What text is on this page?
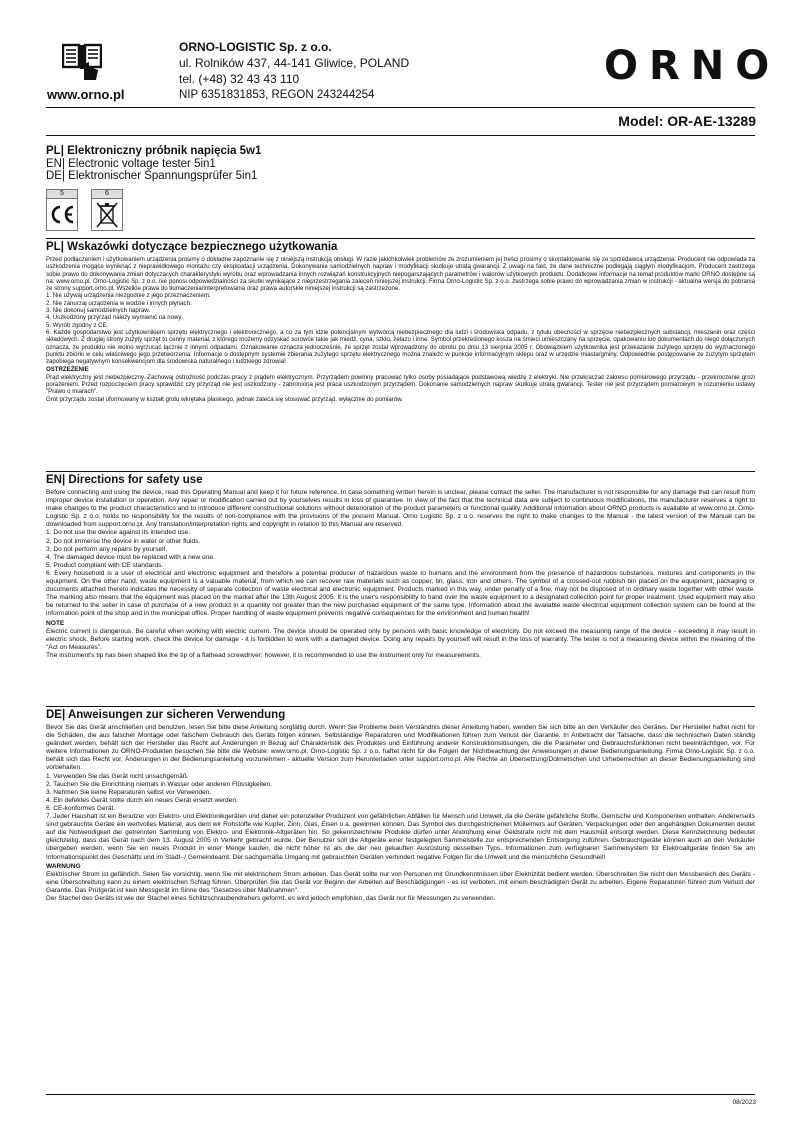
www.orno.pl
ORNO-LOGISTIC Sp. z o.o.
ul. Rolników 437, 44-141 Gliwice, POLAND
tel. (+48) 32 43 43 110
NIP 6351831853, REGON 243244254
ORNO
Model: OR-AE-13289
PL| Elektroniczny próbnik napięcia 5w1
EN| Electronic voltage tester 5in1
DE| Elektronischer Spannungsprüfer 5in1
5	6
PL| Wskazówki dotyczące bezpiecznego użytkowania

Przed podłączeniem i użytkowaniem urządzenia prosimy o dokładne zapoznanie się z niniejszą instrukcją obsługi. W razie jakichkolwiek problemów ze zrozumieniem jej treści prosimy o skontaktowanie się ze sprzedawcą urządzenia. Producent nie odpowiada za uszkodzenia mogące wyniknąć z nieprawidłowego montażu czy eksploatacji urządzenia. Dokonywanie samodzielnych napraw i modyfikacji skutkuje utratą gwarancji. Z uwagi na fakt, że dane techniczne podlegają ciągłym modyfikacjom, Producent zastrzega sobie prawo do dokonywania zmian dotyczących charakterystyki wyrobu oraz wprowadzania innych rozwiązań konstrukcyjnych niepogarszających parametrów i walorów użytkowych produktu. Dodatkowe informacje na temat produktów marki ORNO dostępne są na: www.orno.pl. Orno-Logistic Sp. z o.o. nie ponosi odpowiedzialności za skutki wynikające z nieprzestrzegania zaleceń niniejszej instrukcji. Firma Orno-Logistic Sp. z o.o. zastrzega sobie prawo do wprowadzania zmian w instrukcji - aktualna wersja do pobrania ze strony support.orno.pl. Wszelkie prawa do tłumaczenia/interpretowania oraz prawa autorskie niniejszej instrukcji są zastrzeżone.

1. Nie używaj urządzenia niezgodnie z jego przeznaczeniem.
2. Nie zanurzaj urządzenia w wodzie i innych płynach.
3. Nie dokonuj samodzielnych napraw.
4. Uszkodzony przyrząd należy wymienić na nowy.
5. Wyrób zgodny z CE.
6. Każde gospodarstwo jest użytkownikiem sprzętu elektrycznego i elektronicznego, a co za tym idzie potencjalnym wytwórcą niebezpiecznego dla ludzi i środowiska odpadu, z tytułu obecności w sprzęcie niebezpiecznych substancji, mieszanin oraz części składowych. Z drugiej strony zużyty sprzęt to cenny materiał, z którego możemy odzyskać surowce takie jak miedź, cyna, szkło, żelazo i inne. Symbol przekreślonego kosza na śmieci umieszczany na sprzęcie, opakowaniu lub dokumentach do niego dołączonych oznacza, że produktu nie wolno wyrzucać łącznie z innymi odpadami. Oznakowanie oznacza jednocześnie, że sprzęt został wprowadzony do obrotu po dniu 13 sierpnia 2005 r. Obowiązkiem użytkownika jest przekazanie zużytego sprzętu do wyznaczonego punktu zbiórki w celu właściwego jego przetworzenia. Informacje o dostępnym systemie zbierania zużytego sprzętu elektrycznego można znaleźć w punkcie informacyjnym sklepu oraz w urzędzie miasta/gminy. Odpowiednie postępowanie ze zużytym sprzętem zapobiega negatywnym konsekwencjom dla środowiska naturalnego i ludzkiego zdrowia!

OSTRZEŻENIE

Prąd elektryczny jest niebezpieczny. Zachowaj ostrożność podczas pracy z prądem elektrycznym. Przyrządem powinny pracować tylko osoby posiadające podstawową wiedzę z elektryki. Nie przekraczać zakresu pomiarowego przyrządu - przekroczenie grozi porażeniem. Przed rozpoczęciem pracy sprawdzić czy przyrząd nie jest uszkodzony - zabroniona jest praca uszkodzonym przyrządem. Dokonanie samodzielnych napraw skutkuje utratą gwarancji. Tester nie jest przyrządem pomiarowym w rozumieniu ustawy "Prawo o miarach".

Grot przyrządu został uformowany w kształt grotu wkrętaka płaskiego, jednak zaleca się stosować przyrząd, wyłącznie do pomiarów.

EN| Directions for safety use

Before connecting and using the device, read this Operating Manual and keep it for future reference. In case something written herein is unclear, please contact the seller. The manufacturer is not responsible for any damage that can result from improper device installation or operation. Any repair or modification carried out by yourselves results in loss of guarantee. In view of the fact that the technical data are subject to continuous modifications, the manufacturer reserves a right to make changes to the product characteristics and to introduce different constructional solutions without deterioration of the product parameters or functional quality. Additional information about ORNO products is available at www.orno.pl. Orno-Logistic Sp. z o.o. holds no responsibility for the results of non-compliance with the provisions of the present Manual. Orno Logistic Sp. z o.o. reserves the right to make changes to the Manual - the latest version of the Manual can be downloaded from support.orno.pl. Any translation/interpretation rights and copyright in relation to this Manual are reserved.

1. Do not use the device against its intended use.
2. Do not immerse the device in water or other fluids.
3. Do not perform any repairs by yourself.
4. The damaged device must be replaced with a new one.
5. Product compliant with CE standards.
6. Every household is a user of electrical and electronic equipment and therefore a potential producer of hazardous waste to humans and the environment from the presence of hazardous substances, mixtures and components in the equipment. On the other hand, waste equipment is a valuable material, from which we can recover raw materials such as copper, tin, glass, iron and others. The symbol of a crossed-out rubbish bin placed on the equipment, packaging or documents attached thereto indicates the necessity of separate collection of waste electrical and electronic equipment. Products marked in this way, under penalty of a fine, may not be disposed of in ordinary waste together with other waste. The marking also means that the equipment was placed on the market after the 13th August 2005. It is the user's responsibility to hand over the waste equipment to a designated collection point for proper treatment. Used equipment may also be returned to the seller in case of purchase of a new product in a quantity not greater than the new purchased equipment of the same type. Information about the available waste electrical equipment collection system can be found at the information point of the shop and in the municipal office. Proper handling of waste equipment prevents negative consequences for the environment and human health!

NOTE

Electric current is dangerous. Be careful when working with electric current. The device should be operated only by persons with basic knowledge of electricity. Do not exceed the measuring range of the device - exceeding it may result in electric shock. Before starting work, check the device for damage - it is forbidden to work with a damaged device. Doing any repairs by yourself will result in the loss of warranty. The tester is not a measuring device within the meaning of the "Act on Measures".

The instrument's tip has been shaped like the tip of a flathead screwdriver; however, it is recommended to use the instrument only for measurements.

DE| Anweisungen zur sicheren Verwendung

Bevor Sie das Gerät anschließen und benutzen, lesen Sie bitte diese Anleitung sorgfältig durch. Wenn Sie Probleme beim Verständnis dieser Anleitung haben, wenden Sie sich bitte an den Verkäufer des Gerätes. Der Hersteller haftet nicht für die Schäden, die aus falscher Montage oder falschem Gebrauch des Geräts folgen können. Selbständige Reparaturen und Modifikationen führen zum Verlust der Garantie. In Anbetracht der Tatsache, dass die technischen Daten ständig geändert werden, behält sich der Hersteller das Recht auf Änderungen in Bezug auf Charakteristik des Produktes und Einführung anderer Konstruktionslösungen, die die Parameter und Gebrauchsfunktionen nicht beeinträchtigen, vor. Für weitere Informationen zu ORNO-Produkten besuchen Sie bitte die Website: www.orno.pl. Orno-Logistic Sp. z o.o. haftet nicht für die Folgen der Nichtbeachtung der Anweisungen in dieser Bedienungsanleitung. Firma Orno-Logistic Sp. z o.o. behält sich das Recht vor, Änderungen in der Bedienungsanleitung vorzunehmen - aktuelle Version zum Herunterladen unter support.orno.pl. Alle Rechte an Übersetzung/Dolmetschen und Urheberrechten an dieser Bedienungsanleitung sind vorbehalten.

1. Verwenden Sie das Gerät nicht unsachgemäß.
2. Tauchen Sie die Einrichtung niemals in Wasser oder anderen Flüssigkeiten.
3. Nehmen Sie keine Reparaturen selbst vor Verwenden.
4. Ein defektes Gerät sollte durch ein neues Gerät ersetzt werden.
6. CE-konformes Gerät.
7. Jeder Haushalt ist ein Benutzer von Elektro- und Elektronikgeräten und daher ein potenzieller Produzent von gefährlichen Abfällen für Mensch und Umwelt, da die Geräte gefährliche Stoffe, Gemische und Komponenten enthalten. Andererseits sind gebrauchte Geräte ein wertvolles Material, aus dem wir Rohstoffe wie Kupfer, Zinn, Glas, Eisen u.a. gewinnen können. Das Symbol des durchgestrichenen Mülleimers auf Geräten, Verpackungen oder den angehängten Dokumenten deutet auf die Notwendigkeit der getrennten Sammlung von Elektro- und Elektronik-Altgeräten hin. So gekennzeichnete Produkte dürfen unter Androhung einer Geldstrafe nicht mit dem Hausmüll entsorgt werden. Diese Kennzeichnung bedeutet gleichzeitig, dass das Gerät nach dem 13. August 2005 in Verkehr gebracht wurde. Der Benutzer soll die Altgeräte einer festgelegten Sammelstelle zur entsprechenden Entsorgung zuführen. Gebrauchtgeräte können auch an den Verkäufer übergeben werden, wenn Sie ein neues Produkt in einer Menge kaufen, die nicht höher ist als die der neu gekauften Ausrüstung desselben Typs. Informationen zum verfügbaren Sammelsystem für Elektroaltgeräte finden Sie am Informationspunkt des Geschäfts und im Stadt- / Gemeindeamt. Der sachgemäße Umgang mit gebrauchten Geräten verhindert negative Folgen für die Umwelt und die menschliche Gesundheit!

WARNUNG

Elektrischer Strom ist gefährlich. Seien Sie vorsichtig, wenn Sie mit elektrischem Strom arbeiten. Das Gerät sollte nur von Personen mit Grundkenntnissen über Elektrizität bedient werden. Überschreiten Sie nicht den Messbereich des Geräts - eine Überschreitung kann zu einem elektrischen Schlag führen. Überprüfen Sie das Gerät vor Beginn der Arbeiten auf Beschädigungen - es ist verboten, mit einem beschädigten Gerät zu arbeiten. Eigene Reparaturen führen zum Verlust der Garantie. Das Prüfgerät ist kein Messgerät im Sinne des "Gesetzes über Maßnahmen".

Der Stachel des Geräts ist wie der Stachel eines Schlitzschraubendrehers geformt, es wird jedoch empfohlen, das Gerät nur für Messungen zu verwenden.

08/2023
